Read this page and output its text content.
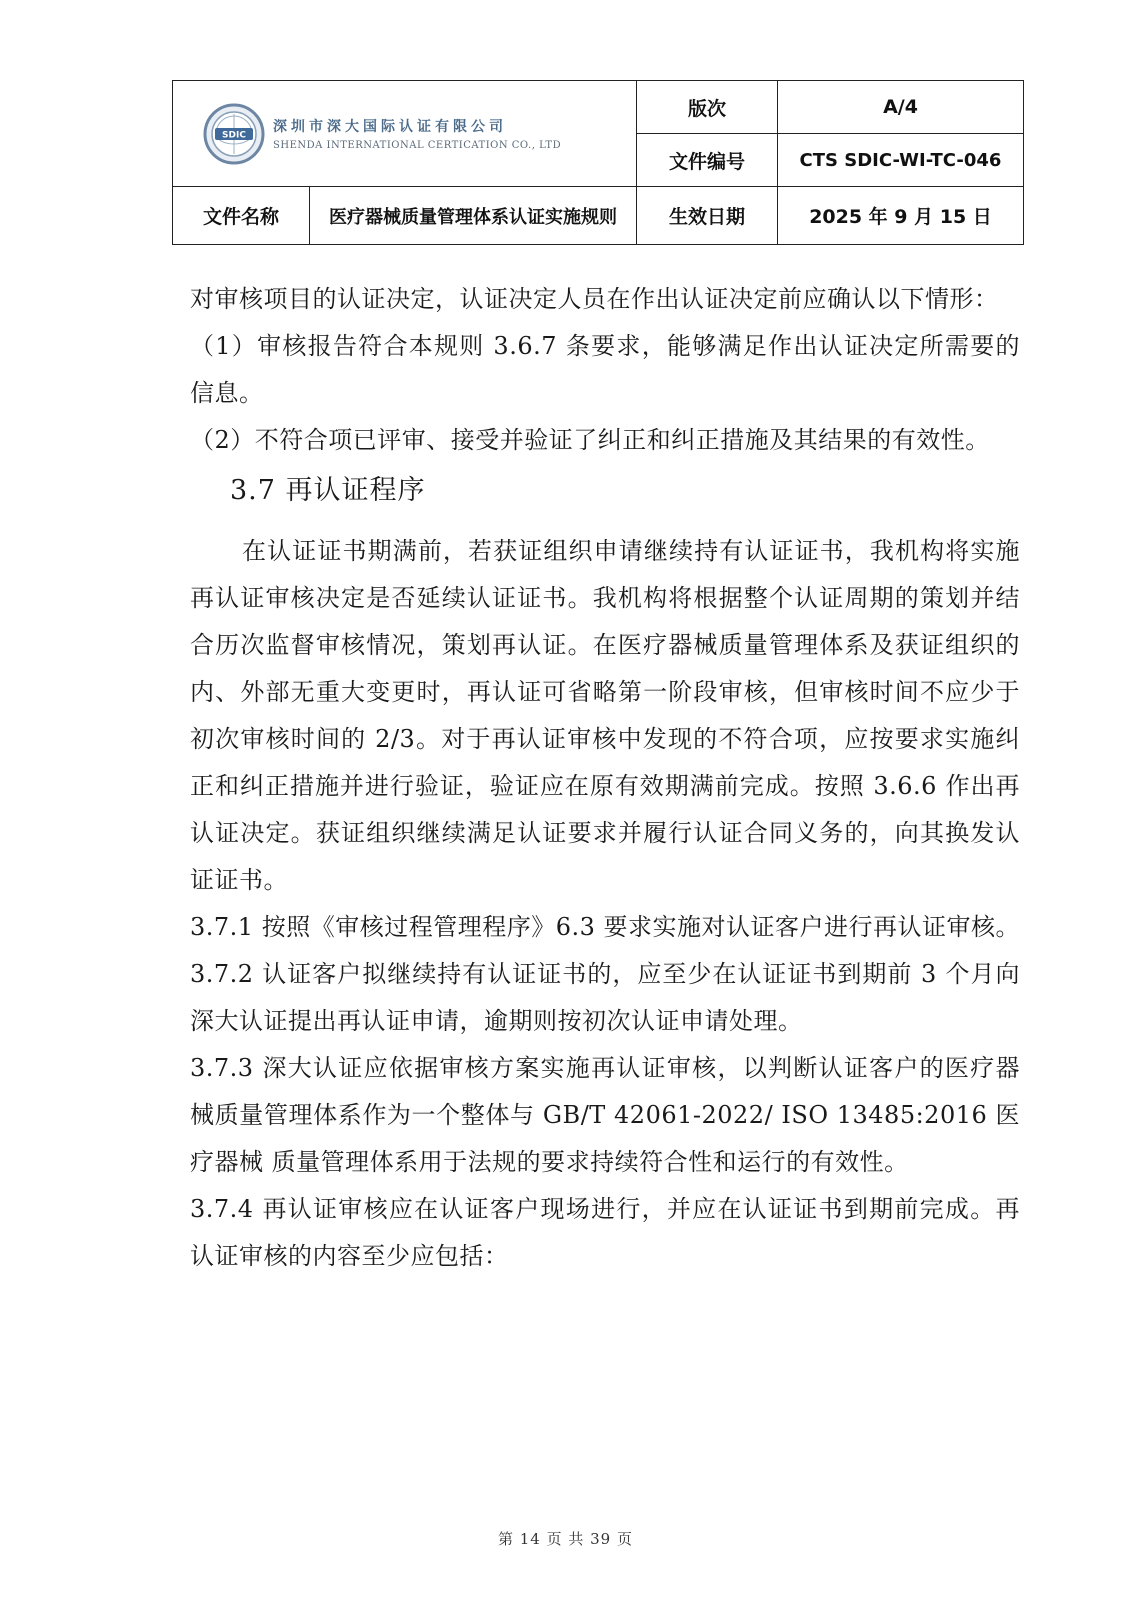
SDIC 深圳市深大国际认证有限公司
SHENDA INTERNATIONAL CERTICATION CO., LTD		版次	A/4
		文件编号	CTS SDIC-WI-TC-046
文件名称	医疗器械质量管理体系认证实施规则	生效日期	2025 年 9 月 15 日

对审核项目的认证决定，认证决定人员在作出认证决定前应确认以下情形：

（1）审核报告符合本规则 3.6.7 条要求，能够满足作出认证决定所需要的信息。

（2）不符合项已评审、接受并验证了纠正和纠正措施及其结果的有效性。

3.7 再认证程序

在认证证书期满前，若获证组织申请继续持有认证证书，我机构将实施再认证审核决定是否延续认证证书。我机构将根据整个认证周期的策划并结合历次监督审核情况，策划再认证。在医疗器械质量管理体系及获证组织的内、外部无重大变更时，再认证可省略第一阶段审核，但审核时间不应少于初次审核时间的 2/3。对于再认证审核中发现的不符合项，应按要求实施纠正和纠正措施并进行验证，验证应在原有效期满前完成。按照 3.6.6 作出再认证决定。获证组织继续满足认证要求并履行认证合同义务的，向其换发认证证书。

3.7.1 按照《审核过程管理程序》6.3 要求实施对认证客户进行再认证审核。

3.7.2 认证客户拟继续持有认证证书的，应至少在认证证书到期前 3 个月向深大认证提出再认证申请，逾期则按初次认证申请处理。

3.7.3 深大认证应依据审核方案实施再认证审核，以判断认证客户的医疗器械质量管理体系作为一个整体与 GB/T 42061-2022/ ISO 13485:2016 医疗器械 质量管理体系用于法规的要求持续符合性和运行的有效性。

3.7.4 再认证审核应在认证客户现场进行，并应在认证证书到期前完成。再认证审核的内容至少应包括：

第 14 页 共 39 页
